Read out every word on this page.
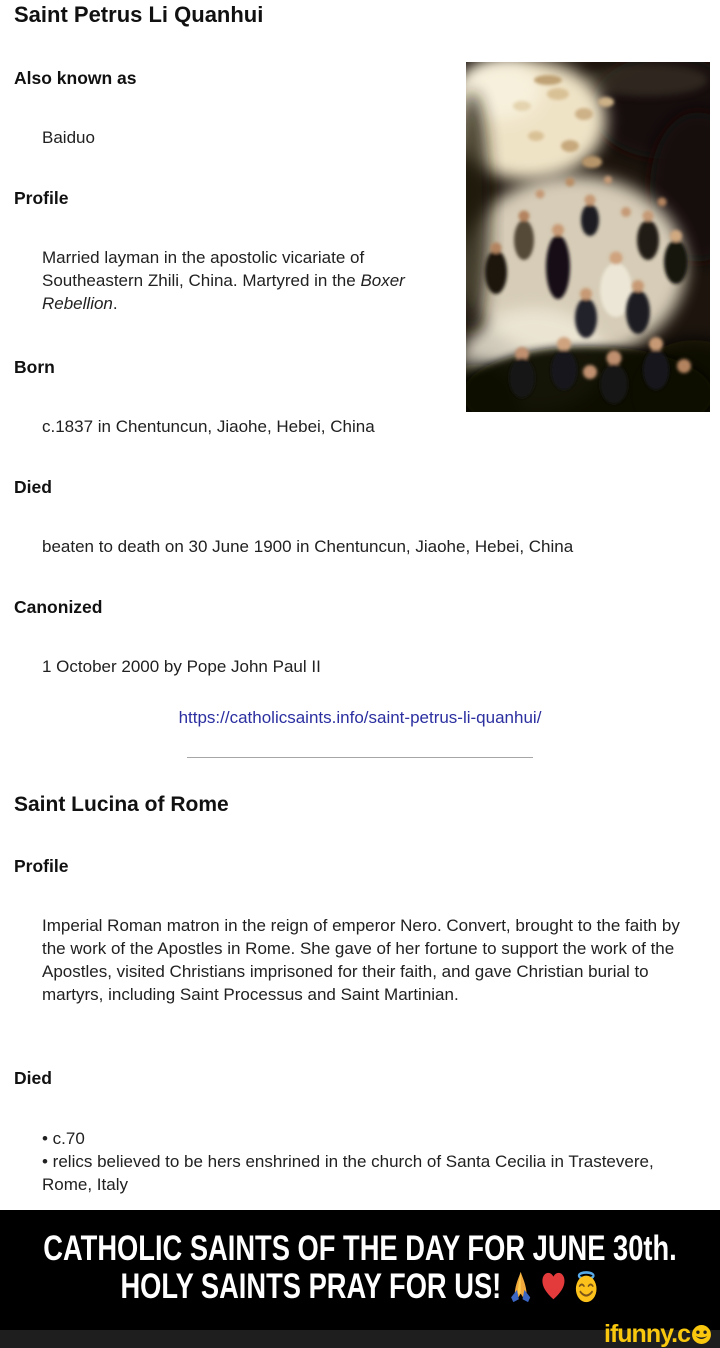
Saint Petrus Li Quanhui
Also known as
Baiduo
Profile
Married layman in the apostolic vicariate of Southeastern Zhili, China. Martyred in the Boxer Rebellion.
Born
c.1837 in Chentuncun, Jiaohe, Hebei, China
Died
beaten to death on 30 June 1900 in Chentuncun, Jiaohe, Hebei, China
Canonized
1 October 2000 by Pope John Paul II
https://catholicsaints.info/saint-petrus-li-quanhui/
Saint Lucina of Rome
Profile
Imperial Roman matron in the reign of emperor Nero. Convert, brought to the faith by the work of the Apostles in Rome. She gave of her fortune to support the work of the Apostles, visited Christians imprisoned for their faith, and gave Christian burial to martyrs, including Saint Processus and Saint Martinian.
Died
• c.70
• relics believed to be hers enshrined in the church of Santa Cecilia in Trastevere, Rome, Italy
CATHOLIC SAINTS OF THE DAY FOR JUNE 30th.
HOLY SAINTS PRAY FOR US!
ifunny.c
